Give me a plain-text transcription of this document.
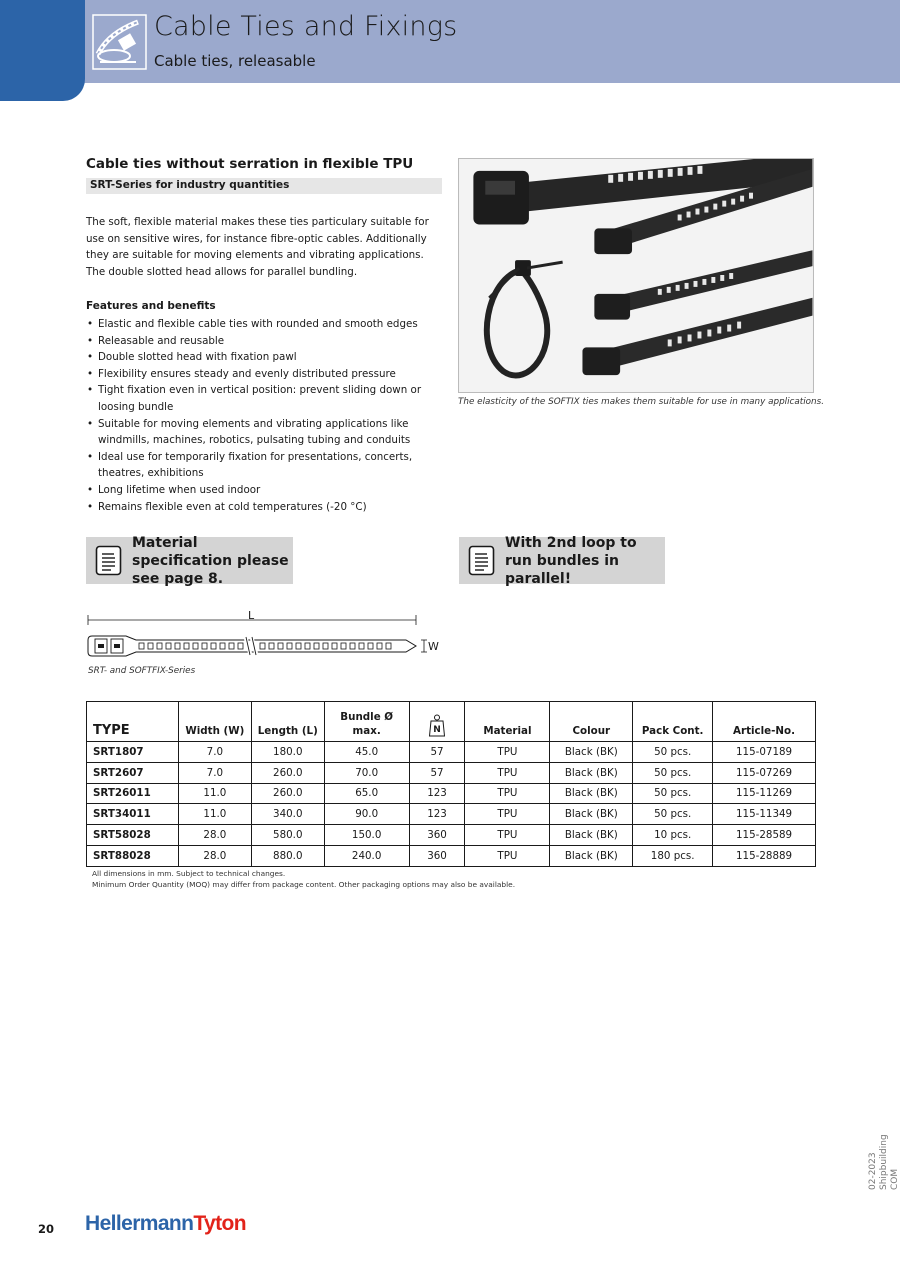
Cable Ties and Fixings
Cable ties, releasable
Cable ties without serration in flexible TPU
SRT-Series for industry quantities

The soft, flexible material makes these ties particulary suitable for use on sensitive wires, for instance fibre-optic cables. Additionally they are suitable for moving elements and vibrating applications. The double slotted head allows for parallel bundling.

Features and benefits
• Elastic and flexible cable ties with rounded and smooth edges
• Releasable and reusable
• Double slotted head with fixation pawl
• Flexibility ensures steady and evenly distributed pressure
• Tight fixation even in vertical position: prevent sliding down or loosing bundle
• Suitable for moving elements and vibrating applications like windmills, machines, robotics, pulsating tubing and conduits
• Ideal use for temporarily fixation for presentations, concerts, theatres, exhibitions
• Long lifetime when used indoor
• Remains flexible even at cold temperatures (-20 °C)
The elasticity of the SOFTIX ties makes them suitable for use in many applications.
Material specification please see page 8.
With 2nd loop to run bundles in parallel!
L
W
SRT- and SOFTFIX-Series
TYPE	Width (W)	Length (L)	Bundle Ø max.	N	Material	Colour	Pack Cont.	Article-No.
SRT1807	7.0	180.0	45.0	57	TPU	Black (BK)	50 pcs.	115-07189
SRT2607	7.0	260.0	70.0	57	TPU	Black (BK)	50 pcs.	115-07269
SRT26011	11.0	260.0	65.0	123	TPU	Black (BK)	50 pcs.	115-11269
SRT34011	11.0	340.0	90.0	123	TPU	Black (BK)	50 pcs.	115-11349
SRT58028	28.0	580.0	150.0	360	TPU	Black (BK)	10 pcs.	115-28589
SRT88028	28.0	880.0	240.0	360	TPU	Black (BK)	180 pcs.	115-28889
All dimensions in mm. Subject to technical changes.
Minimum Order Quantity (MOQ) may differ from package content. Other packaging options may also be available.
02-2023 Shipbuilding COM
20 HellermannTyton
